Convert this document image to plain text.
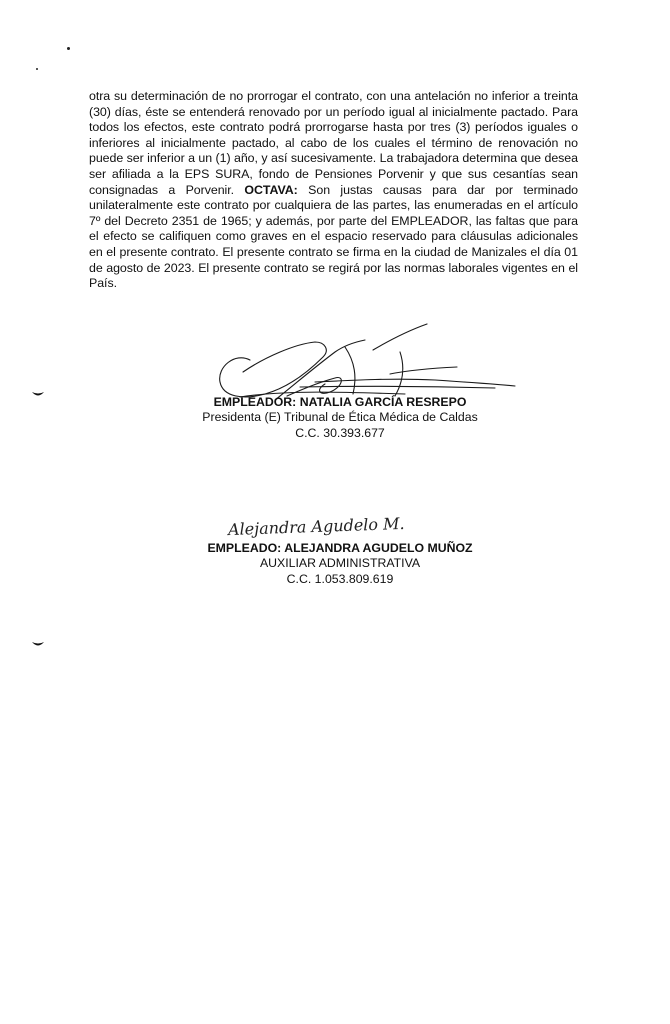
otra su determinación de no prorrogar el contrato, con una antelación no inferior a treinta (30) días, éste se entenderá renovado por un período igual al inicialmente pactado. Para todos los efectos, este contrato podrá prorrogarse hasta por tres (3) períodos iguales o inferiores al inicialmente pactado, al cabo de los cuales el término de renovación no puede ser inferior a un (1) año, y así sucesivamente. La trabajadora determina que desea ser afiliada a la EPS SURA, fondo de Pensiones Porvenir y que sus cesantías sean consignadas a Porvenir. OCTAVA: Son justas causas para dar por terminado unilateralmente este contrato por cualquiera de las partes, las enumeradas en el artículo 7º del Decreto 2351 de 1965; y además, por parte del EMPLEADOR, las faltas que para el efecto se califiquen como graves en el espacio reservado para cláusulas adicionales en el presente contrato. El presente contrato se firma en la ciudad de Manizales el día 01 de agosto de 2023. El presente contrato se regirá por las normas laborales vigentes en el País.

EMPLEADOR: NATALIA GARCÍA RESREPO
Presidenta (E) Tribunal de Ética Médica de Caldas
C.C. 30.393.677
Alejandra Agudelo M.
EMPLEADO: ALEJANDRA AGUDELO MUÑOZ
AUXILIAR ADMINISTRATIVA
C.C. 1.053.809.619
